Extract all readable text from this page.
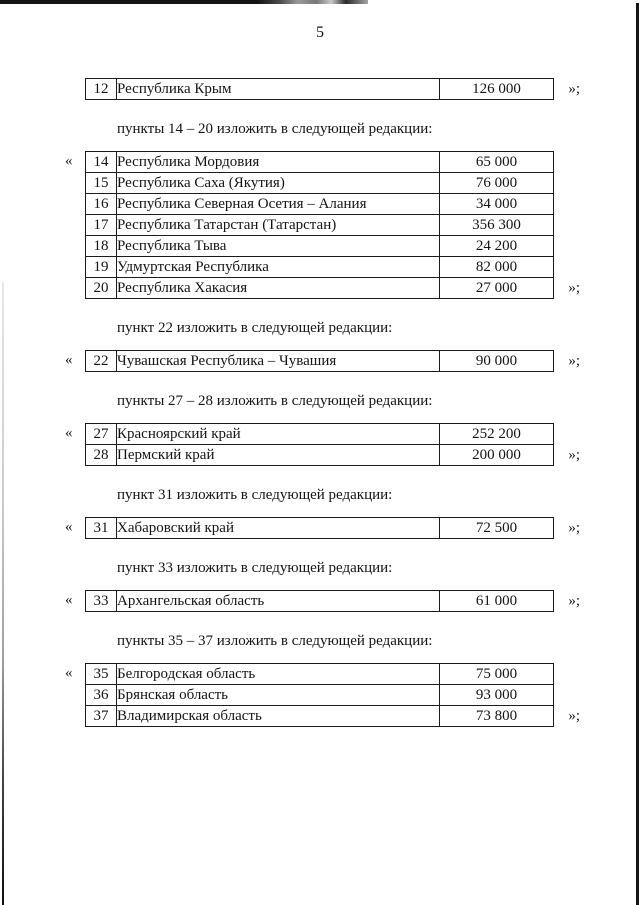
5
12	Республика Крым	126 000	»;

пункты 14 – 20 изложить в следующей редакции:

« 14	Республика Мордовия	65 000
15	Республика Саха (Якутия)	76 000
16	Республика Северная Осетия – Алания	34 000
17	Республика Татарстан (Татарстан)	356 300
18	Республика Тыва	24 200
19	Удмуртская Республика	82 000
20	Республика Хакасия	27 000	»;

пункт 22 изложить в следующей редакции:

« 22	Чувашская Республика – Чувашия	90 000	»;

пункты 27 – 28 изложить в следующей редакции:

« 27	Красноярский край	252 200
28	Пермский край	200 000	»;

пункт 31 изложить в следующей редакции:

« 31	Хабаровский край	72 500	»;

пункт 33 изложить в следующей редакции:

« 33	Архангельская область	61 000	»;

пункты 35 – 37 изложить в следующей редакции:

« 35	Белгородская область	75 000
36	Брянская область	93 000
37	Владимирская область	73 800	»;
